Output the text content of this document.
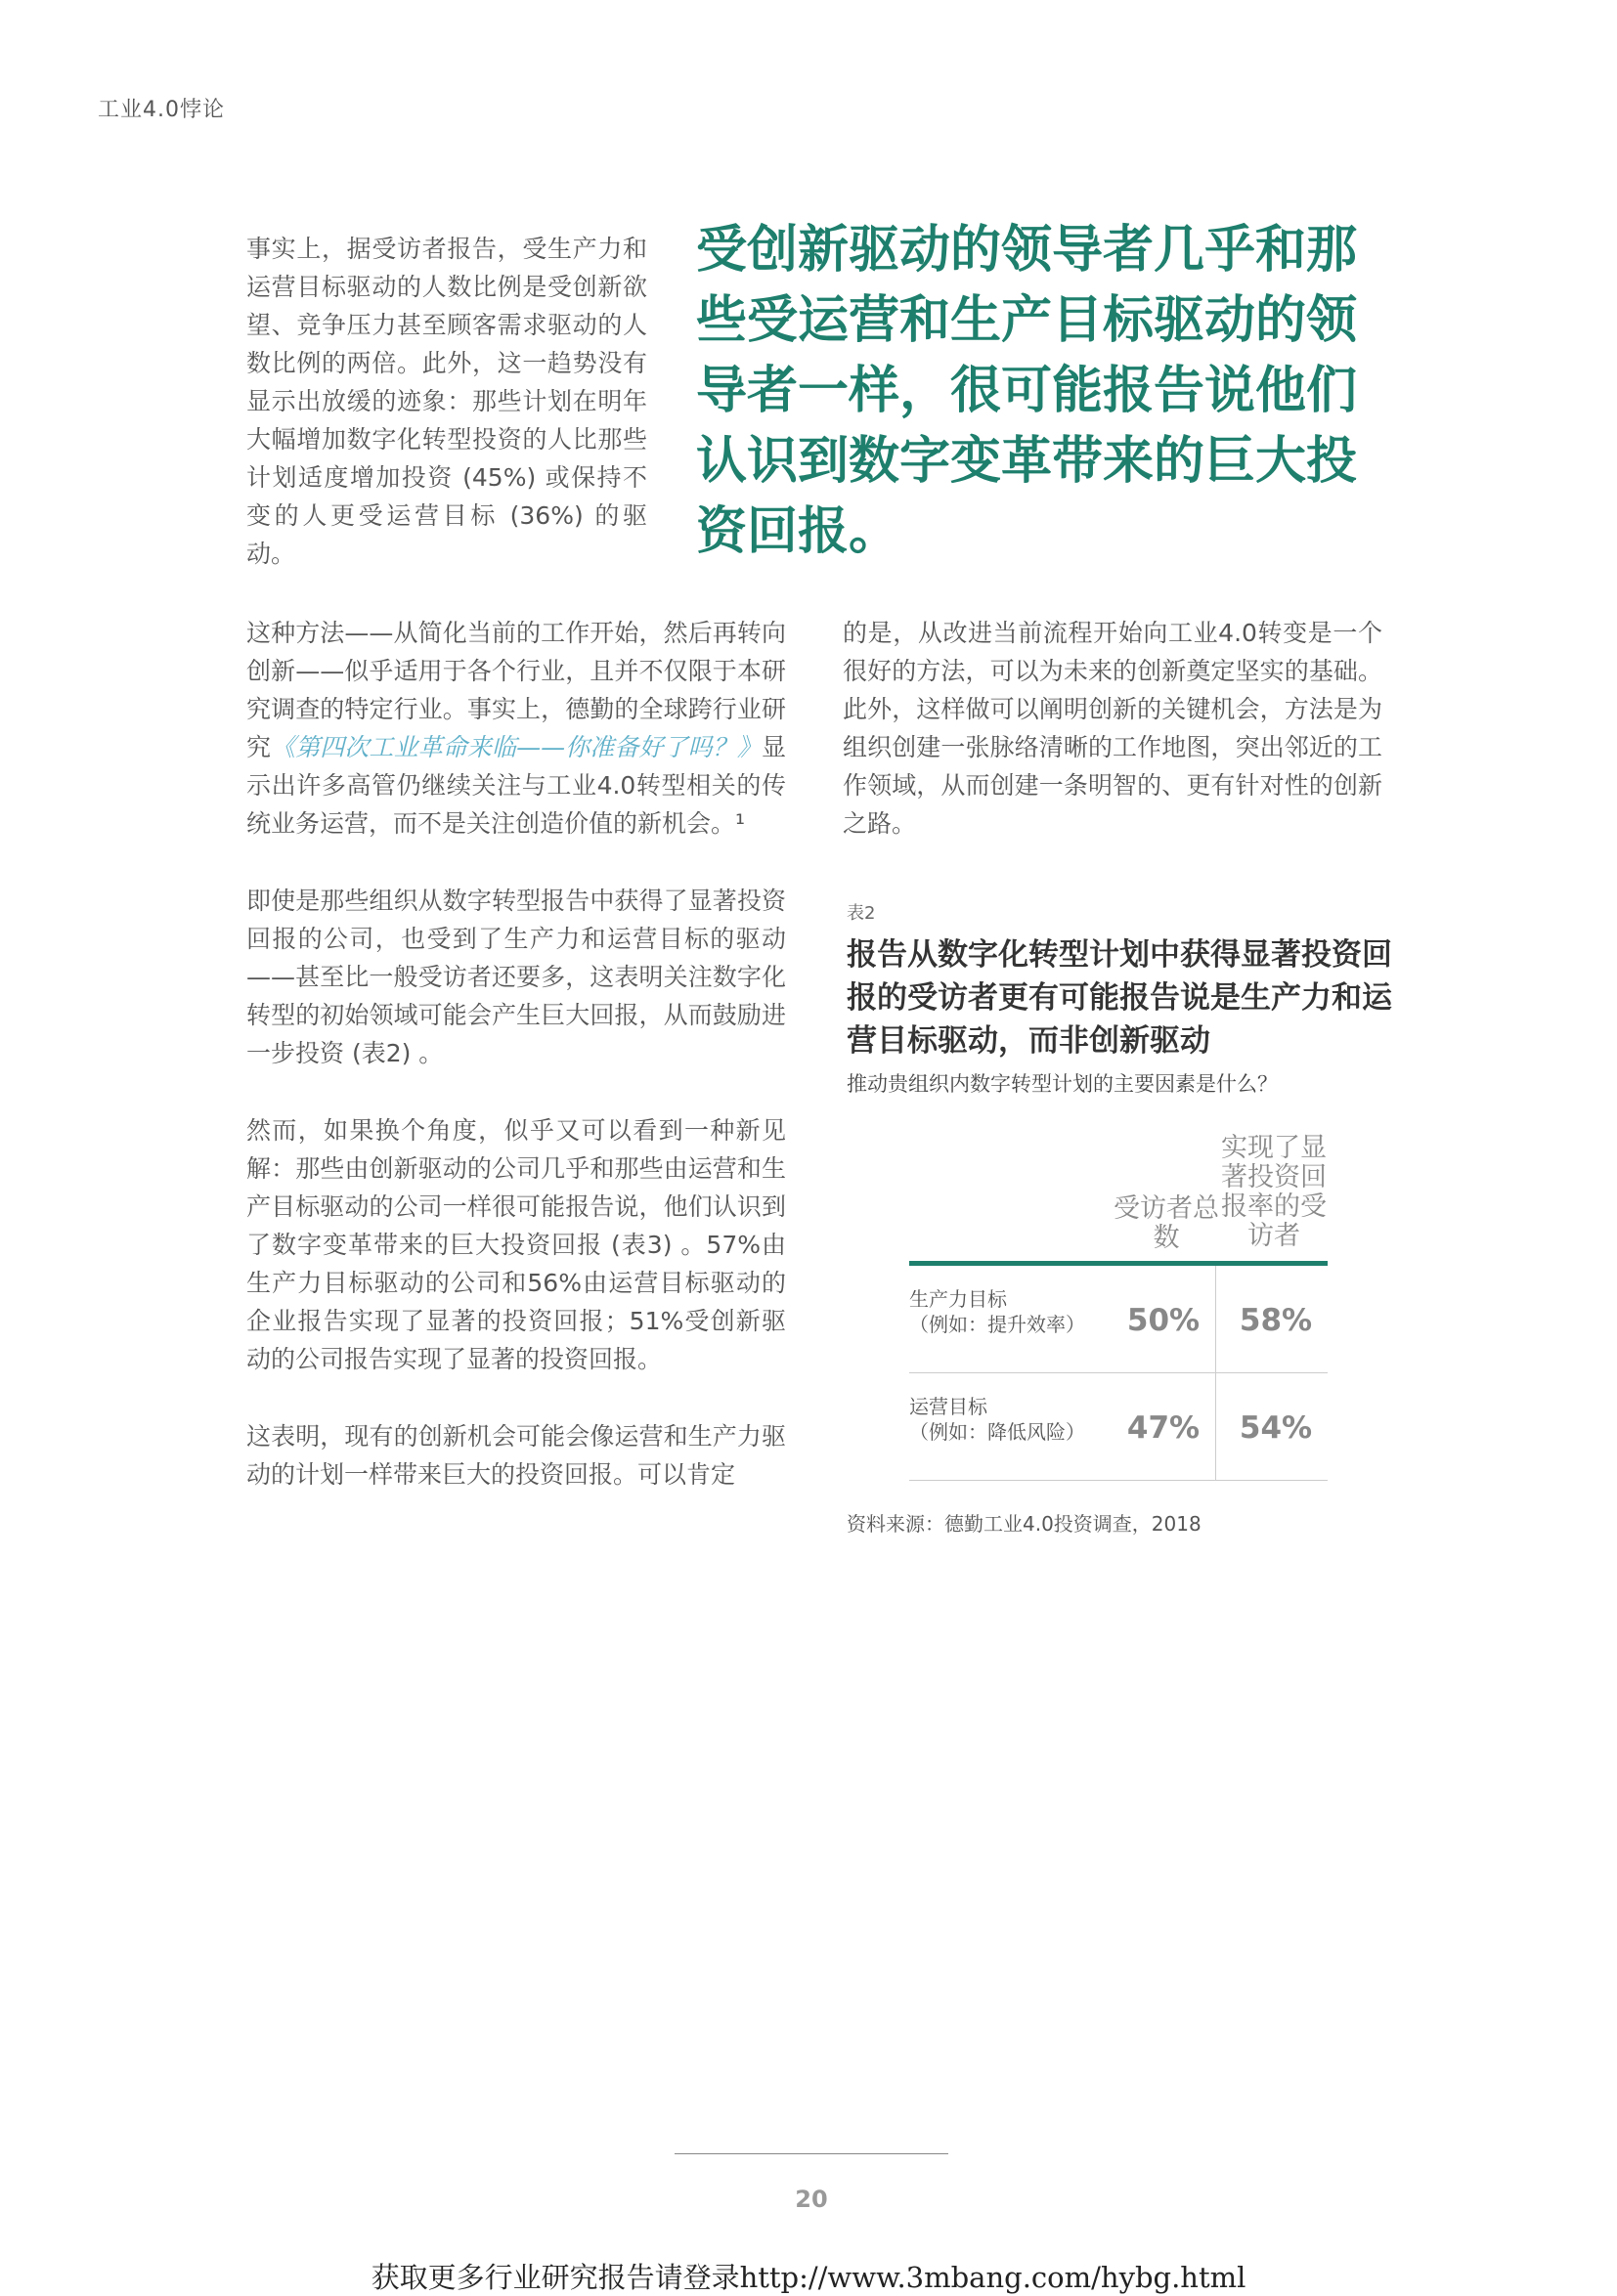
工业4.0悖论

事实上，据受访者报告，受生产力和运营目标驱动的人数比例是受创新欲望、竞争压力甚至顾客需求驱动的人数比例的两倍。此外，这一趋势没有显示出放缓的迹象：那些计划在明年大幅增加数字化转型投资的人比那些计划适度增加投资 (45%) 或保持不变的人更受运营目标 (36%) 的驱动。

受创新驱动的领导者几乎和那些受运营和生产目标驱动的领导者一样，很可能报告说他们认识到数字变革带来的巨大投资回报。

这种方法——从简化当前的工作开始，然后再转向创新——似乎适用于各个行业，且并不仅限于本研究调查的特定行业。事实上，德勤的全球跨行业研究《第四次工业革命来临——你准备好了吗？》显示出许多高管仍继续关注与工业4.0转型相关的传统业务运营，而不是关注创造价值的新机会。¹

即使是那些组织从数字转型报告中获得了显著投资回报的公司，也受到了生产力和运营目标的驱动——甚至比一般受访者还要多，这表明关注数字化转型的初始领域可能会产生巨大回报，从而鼓励进一步投资 (表2) 。

然而，如果换个角度，似乎又可以看到一种新见解：那些由创新驱动的公司几乎和那些由运营和生产目标驱动的公司一样很可能报告说，他们认识到了数字变革带来的巨大投资回报 (表3) 。57%由生产力目标驱动的公司和56%由运营目标驱动的企业报告实现了显著的投资回报；51%受创新驱动的公司报告实现了显著的投资回报。

这表明，现有的创新机会可能会像运营和生产力驱动的计划一样带来巨大的投资回报。可以肯定

的是，从改进当前流程开始向工业4.0转变是一个很好的方法，可以为未来的创新奠定坚实的基础。此外，这样做可以阐明创新的关键机会，方法是为组织创建一张脉络清晰的工作地图，突出邻近的工作领域，从而创建一条明智的、更有针对性的创新之路。

表2
报告从数字化转型计划中获得显著投资回报的受访者更有可能报告说是生产力和运营目标驱动，而非创新驱动
推动贵组织内数字转型计划的主要因素是什么？
受访者总数
实现了显著投资回报率的受访者
生产力目标
（例如：提升效率）	50%	58%
运营目标
（例如：降低风险）	47%	54%
资料来源：德勤工业4.0投资调查，2018
20
获取更多行业研究报告请登录http://www.3mbang.com/hybg.html
